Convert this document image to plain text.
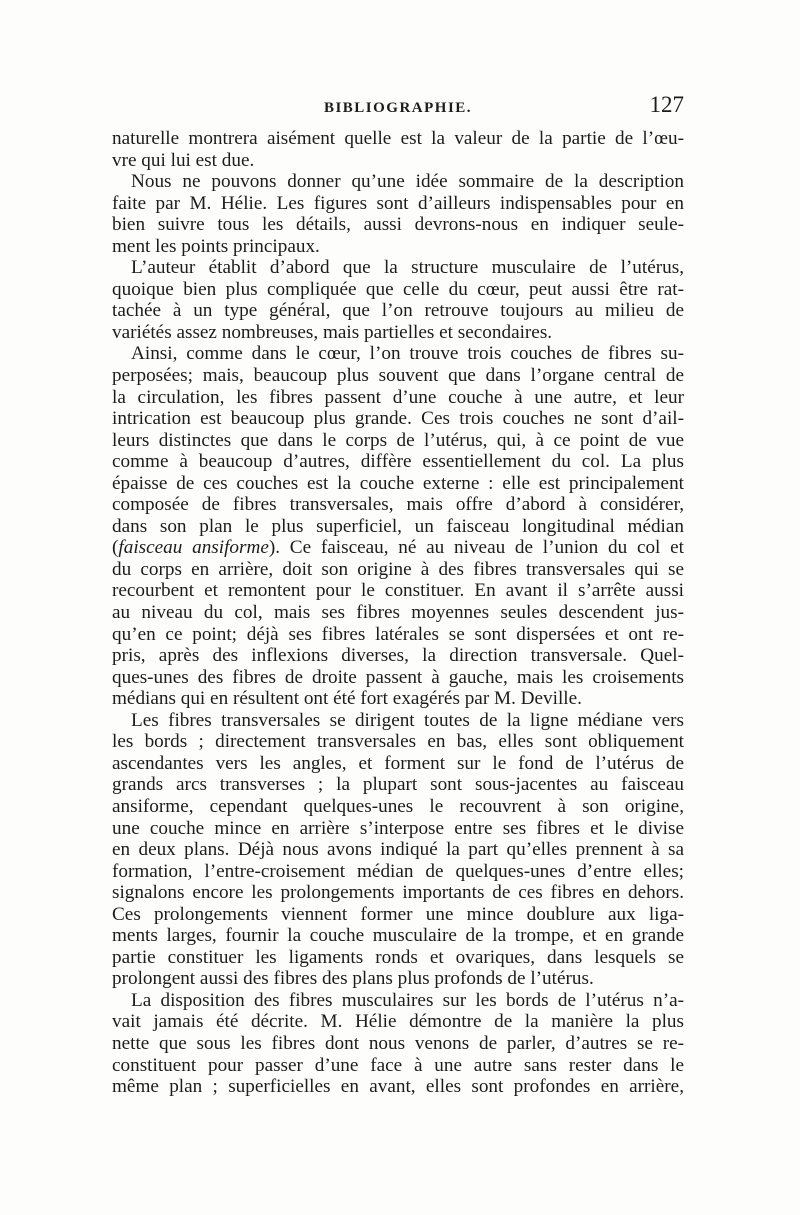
BIBLIOGRAPHIE.	127

naturelle montrera aisément quelle est la valeur de la partie de l’œu-
vre qui lui est due.

Nous ne pouvons donner qu’une idée sommaire de la description
faite par M. Hélie. Les figures sont d’ailleurs indispensables pour en
bien suivre tous les détails, aussi devrons-nous en indiquer seule-
ment les points principaux.

L’auteur établit d’abord que la structure musculaire de l’utérus,
quoique bien plus compliquée que celle du cœur, peut aussi être rat-
tachée à un type général, que l’on retrouve toujours au milieu de
variétés assez nombreuses, mais partielles et secondaires.

Ainsi, comme dans le cœur, l’on trouve trois couches de fibres su-
perposées; mais, beaucoup plus souvent que dans l’organe central de
la circulation, les fibres passent d’une couche à une autre, et leur
intrication est beaucoup plus grande. Ces trois couches ne sont d’ail-
leurs distinctes que dans le corps de l’utérus, qui, à ce point de vue
comme à beaucoup d’autres, diffère essentiellement du col. La plus
épaisse de ces couches est la couche externe : elle est principalement
composée de fibres transversales, mais offre d’abord à considérer,
dans son plan le plus superficiel, un faisceau longitudinal médian
(faisceau ansiforme). Ce faisceau, né au niveau de l’union du col et
du corps en arrière, doit son origine à des fibres transversales qui se
recourbent et remontent pour le constituer. En avant il s’arrête aussi
au niveau du col, mais ses fibres moyennes seules descendent jus-
qu’en ce point; déjà ses fibres latérales se sont dispersées et ont re-
pris, après des inflexions diverses, la direction transversale. Quel-
ques-unes des fibres de droite passent à gauche, mais les croisements
médians qui en résultent ont été fort exagérés par M. Deville.

Les fibres transversales se dirigent toutes de la ligne médiane vers
les bords ; directement transversales en bas, elles sont obliquement
ascendantes vers les angles, et forment sur le fond de l’utérus de
grands arcs transverses ; la plupart sont sous-jacentes au faisceau
ansiforme, cependant quelques-unes le recouvrent à son origine,
une couche mince en arrière s’interpose entre ses fibres et le divise
en deux plans. Déjà nous avons indiqué la part qu’elles prennent à sa
formation, l’entre-croisement médian de quelques-unes d’entre elles;
signalons encore les prolongements importants de ces fibres en dehors.
Ces prolongements viennent former une mince doublure aux liga-
ments larges, fournir la couche musculaire de la trompe, et en grande
partie constituer les ligaments ronds et ovariques, dans lesquels se
prolongent aussi des fibres des plans plus profonds de l’utérus.

La disposition des fibres musculaires sur les bords de l’utérus n’a-
vait jamais été décrite. M. Hélie démontre de la manière la plus
nette que sous les fibres dont nous venons de parler, d’autres se re-
constituent pour passer d’une face à une autre sans rester dans le
même plan ; superficielles en avant, elles sont profondes en arrière,
